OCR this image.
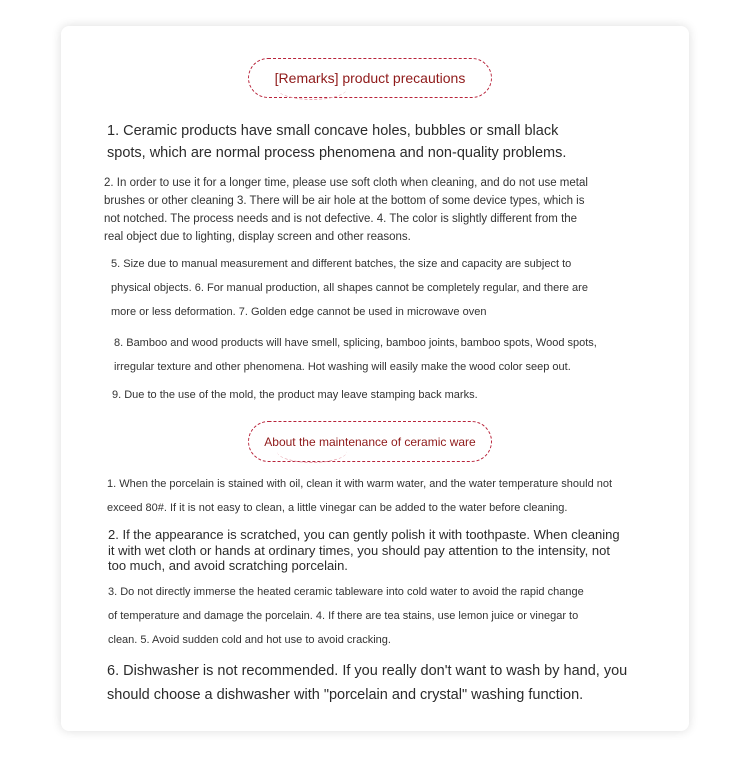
[Remarks] product precautions

1. Ceramic products have small concave holes, bubbles or small black spots, which are normal process phenomena and non-quality problems.

2. In order to use it for a longer time, please use soft cloth when cleaning, and do not use metal brushes or other cleaning 3. There will be air hole at the bottom of some device types, which is not notched. The process needs and is not defective. 4. The color is slightly different from the real object due to lighting, display screen and other reasons.

5. Size due to manual measurement and different batches, the size and capacity are subject to physical objects. 6. For manual production, all shapes cannot be completely regular, and there are more or less deformation. 7. Golden edge cannot be used in microwave oven

8. Bamboo and wood products will have smell, splicing, bamboo joints, bamboo spots, Wood spots, irregular texture and other phenomena. Hot washing will easily make the wood color seep out.

9. Due to the use of the mold, the product may leave stamping back marks.

About the maintenance of ceramic ware

1. When the porcelain is stained with oil, clean it with warm water, and the water temperature should not exceed 80#. If it is not easy to clean, a little vinegar can be added to the water before cleaning.

2. If the appearance is scratched, you can gently polish it with toothpaste. When cleaning it with wet cloth or hands at ordinary times, you should pay attention to the intensity, not too much, and avoid scratching porcelain.

3. Do not directly immerse the heated ceramic tableware into cold water to avoid the rapid change of temperature and damage the porcelain. 4. If there are tea stains, use lemon juice or vinegar to clean. 5. Avoid sudden cold and hot use to avoid cracking.

6. Dishwasher is not recommended. If you really don't want to wash by hand, you should choose a dishwasher with "porcelain and crystal" washing function.
